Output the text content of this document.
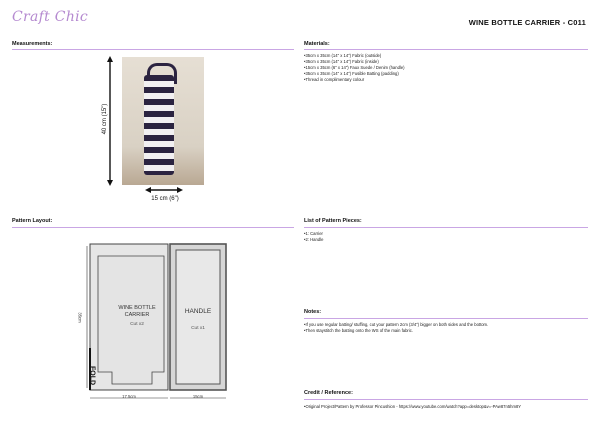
Craft Chic	WINE BOTTLE CARRIER - C011
Measurements:
40 cm (15")
15 cm (6")
Materials:
• 35cm x 35cm (14" x 14") Fabric (outside)
• 35cm x 35cm (14" x 14") Fabric (inside)
• 15cm x 35cm (6" x 14") Faux Suede / Denim (handle)
• 35cm x 35cm (14" x 14") Fusible Batting (padding)
• Thread in complimentary colour
Pattern Layout:
WINE BOTTLE
CARRIER
Cut x2
HANDLE
Cut x1
35cm
FOLD
17.5cm	15cm
List of Pattern Pieces:
• 1: Carrier
• 2: Handle
Notes:
• If you use regular batting/ stuffing, cut your pattern 2cm (3/4") bigger on both sides and the bottom.
• Then staystitch the batting onto the WS of the main fabric.
Credit / Reference:
• Original Project/Pattern by Professor Pincushion - https://www.youtube.com/watch?app=desktop&v=-PAw87n5hm8Y
